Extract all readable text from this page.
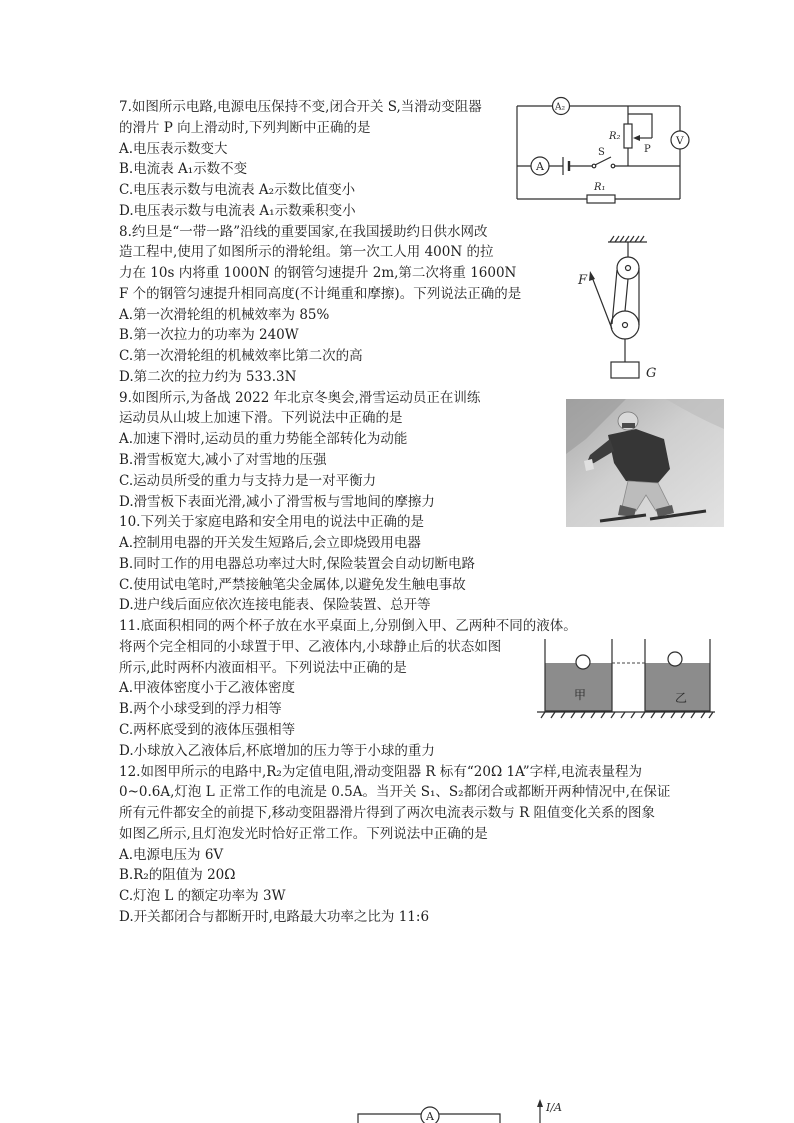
7.如图所示电路,电源电压保持不变,闭合开关 S,当滑动变阻器
的滑片 P 向上滑动时,下列判断中正确的是
A.电压表示数变大
B.电流表 A₁示数不变
C.电压表示数与电流表 A₂示数比值变小
D.电压表示数与电流表 A₁示数乘积变小
8.约旦是“一带一路”沿线的重要国家,在我国援助约日供水网改
造工程中,使用了如图所示的滑轮组。第一次工人用 400N 的拉
力在 10s 内将重 1000N 的钢管匀速提升 2m,第二次将重 1600N
F 个的钢管匀速提升相同高度(不计绳重和摩擦)。下列说法正确的是
A.第一次滑轮组的机械效率为 85%
B.第一次拉力的功率为 240W
C.第一次滑轮组的机械效率比第二次的高
D.第二次的拉力约为 533.3N
9.如图所示,为备战 2022 年北京冬奥会,滑雪运动员正在训练
运动员从山坡上加速下滑。下列说法中正确的是
A.加速下滑时,运动员的重力势能全部转化为动能
B.滑雪板宽大,减小了对雪地的压强
C.运动员所受的重力与支持力是一对平衡力
D.滑雪板下表面光滑,减小了滑雪板与雪地间的摩擦力
10.下列关于家庭电路和安全用电的说法中正确的是
A.控制用电器的开关发生短路后,会立即烧毁用电器
B.同时工作的用电器总功率过大时,保险装置会自动切断电路
C.使用试电笔时,严禁接触笔尖金属体,以避免发生触电事故
D.进户线后面应依次连接电能表、保险装置、总开等
11.底面积相同的两个杯子放在水平桌面上,分别倒入甲、乙两种不同的液体。
将两个完全相同的小球置于甲、乙液体内,小球静止后的状态如图
所示,此时两杯内液面相平。下列说法中正确的是
A.甲液体密度小于乙液体密度
B.两个小球受到的浮力相等
C.两杯底受到的液体压强相等
D.小球放入乙液体后,杯底增加的压力等于小球的重力
12.如图甲所示的电路中,R₂为定值电阻,滑动变阻器 R 标有“20Ω 1A”字样,电流表量程为
0~0.6A,灯泡 L 正常工作的电流是 0.5A。当开关 S₁、S₂都闭合或都断开两种情况中,在保证
所有元件都安全的前提下,移动变阻器滑片得到了两次电流表示数与 R 阻值变化关系的图象
如图乙所示,且灯泡发光时恰好正常工作。下列说法中正确的是
A.电源电压为 6V
B.R₂的阻值为 20Ω
C.灯泡 L 的额定功率为 3W
D.开关都闭合与都断开时,电路最大功率之比为 11:6
S
A₂
A
R₂
P
V
R₁
F
G
甲	乙
A
I/A
